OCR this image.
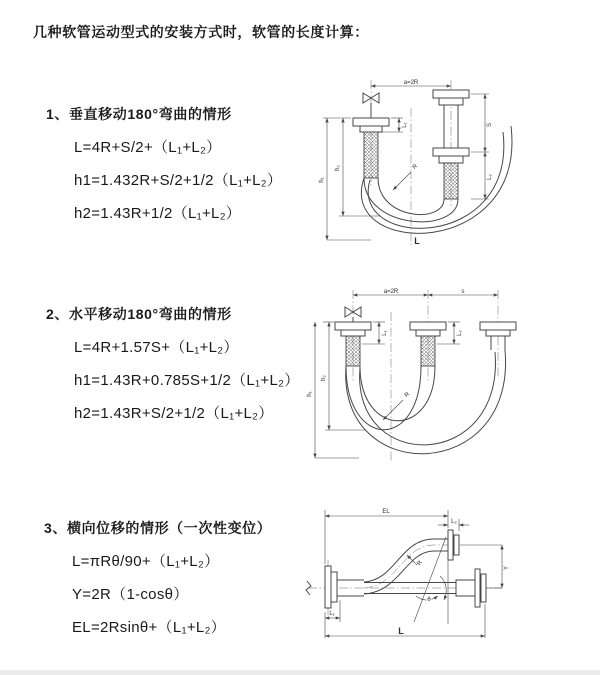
几种软管运动型式的安装方式时，软管的长度计算：
1、垂直移动180°弯曲的情形
L=4R+S/2+（L₁+L₂）
h1=1.432R+S/2+1/2（L₁+L₂）
h2=1.43R+1/2（L₁+L₂）
2、水平移动180°弯曲的情形
L=4R+1.57S+（L₁+L₂）
h1=1.43R+0.785S+1/2（L₁+L₂）
h2=1.43R+S/2+1/2（L₁+L₂）
3、横向位移的情形（一次性变位）
L=πRθ/90+（L₁+L₂）
Y=2R（1-cosθ）
EL=2Rsinθ+（L₁+L₂）
a=2R
S
L₂
L₁
h₂
h₁
R
L
a=2R	s
L₁	L₂
h₂
h₁	R
EL
L₂
Y
θ
R
L₁
L
